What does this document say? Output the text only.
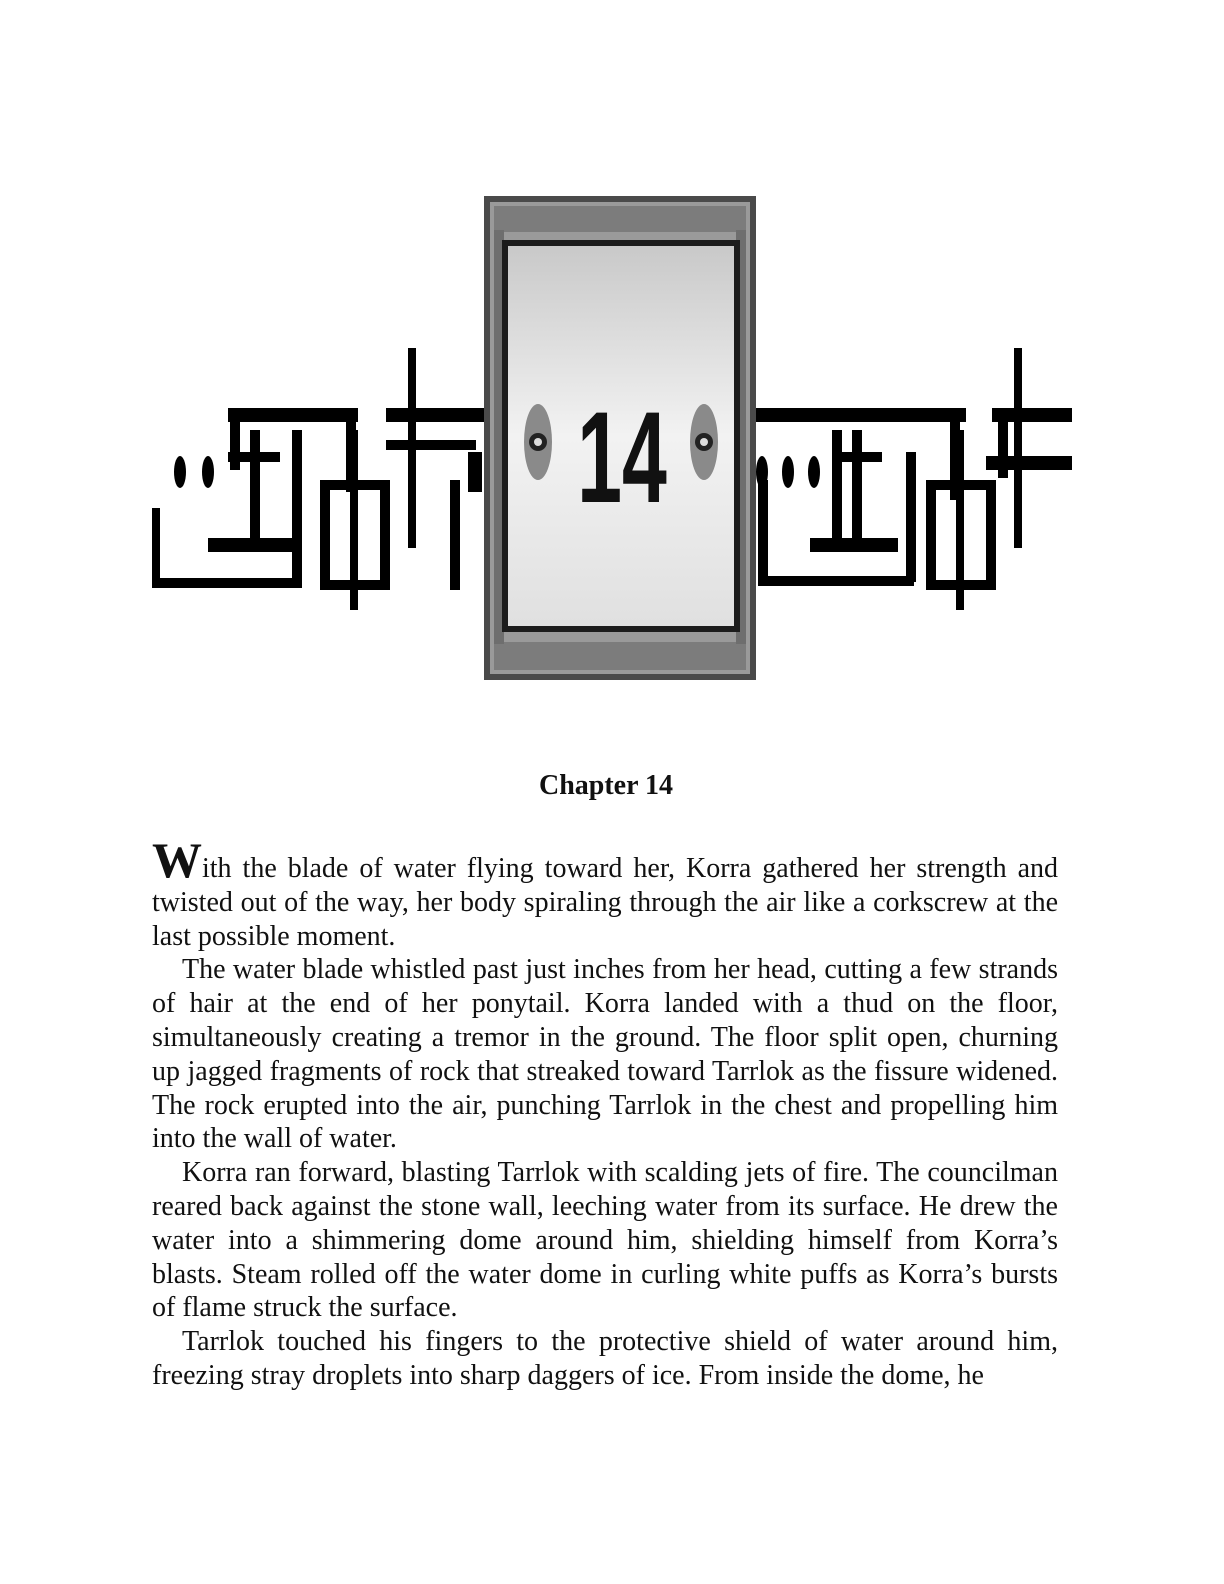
14
Chapter 14

With the blade of water flying toward her, Korra gathered her strength and twisted out of the way, her body spiraling through the air like a corkscrew at the last possible moment.

The water blade whistled past just inches from her head, cutting a few strands of hair at the end of her ponytail. Korra landed with a thud on the floor, simultaneously creating a tremor in the ground. The floor split open, churning up jagged fragments of rock that streaked toward Tarrlok as the fissure widened. The rock erupted into the air, punching Tarrlok in the chest and propelling him into the wall of water.

Korra ran forward, blasting Tarrlok with scalding jets of fire. The councilman reared back against the stone wall, leeching water from its surface. He drew the water into a shimmering dome around him, shielding himself from Korra’s blasts. Steam rolled off the water dome in curling white puffs as Korra’s bursts of flame struck the surface.

Tarrlok touched his fingers to the protective shield of water around him, freezing stray droplets into sharp daggers of ice. From inside the dome, he
